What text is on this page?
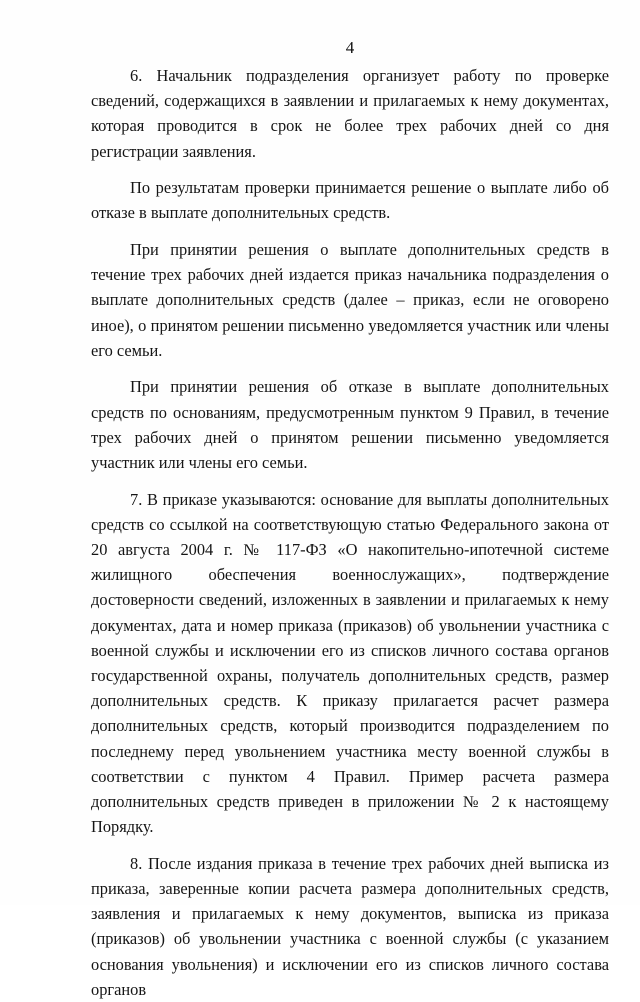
4

6. Начальник подразделения организует работу по проверке сведений, содержащихся в заявлении и прилагаемых к нему документах, которая проводится в срок не более трех рабочих дней со дня регистрации заявления.

По результатам проверки принимается решение о выплате либо об отказе в выплате дополнительных средств.

При принятии решения о выплате дополнительных средств в течение трех рабочих дней издается приказ начальника подразделения о выплате дополнительных средств (далее – приказ, если не оговорено иное), о принятом решении письменно уведомляется участник или члены его семьи.

При принятии решения об отказе в выплате дополнительных средств по основаниям, предусмотренным пунктом 9 Правил, в течение трех рабочих дней о принятом решении письменно уведомляется участник или члены его семьи.

7. В приказе указываются: основание для выплаты дополнительных средств со ссылкой на соответствующую статью Федерального закона от 20 августа 2004 г. № 117-ФЗ «О накопительно-ипотечной системе жилищного обеспечения военнослужащих», подтверждение достоверности сведений, изложенных в заявлении и прилагаемых к нему документах, дата и номер приказа (приказов) об увольнении участника с военной службы и исключении его из списков личного состава органов государственной охраны, получатель дополнительных средств, размер дополнительных средств. К приказу прилагается расчет размера дополнительных средств, который производится подразделением по последнему перед увольнением участника месту военной службы в соответствии с пунктом 4 Правил. Пример расчета размера дополнительных средств приведен в приложении № 2 к настоящему Порядку.

8. После издания приказа в течение трех рабочих дней выписка из приказа, заверенные копии расчета размера дополнительных средств, заявления и прилагаемых к нему документов, выписка из приказа (приказов) об увольнении участника с военной службы (с указанием основания увольнения) и исключении его из списков личного состава органов
